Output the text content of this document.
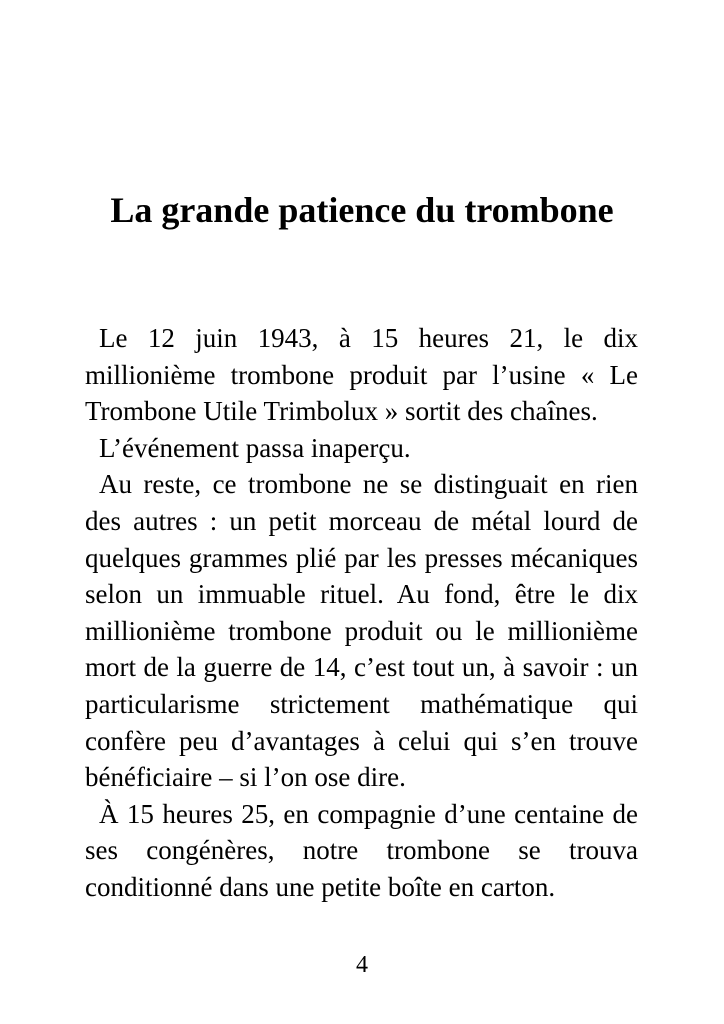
La grande patience du trombone

Le 12 juin 1943, à 15 heures 21, le dix millionième trombone produit par l’usine « Le Trombone Utile Trimbolux » sortit des chaînes.

L’événement passa inaperçu.

Au reste, ce trombone ne se distinguait en rien des autres : un petit morceau de métal lourd de quelques grammes plié par les presses mécaniques selon un immuable rituel. Au fond, être le dix millionième trombone produit ou le millionième mort de la guerre de 14, c’est tout un, à savoir : un particularisme strictement mathématique qui confère peu d’avantages à celui qui s’en trouve bénéficiaire – si l’on ose dire.

À 15 heures 25, en compagnie d’une centaine de ses congénères, notre trombone se trouva conditionné dans une petite boîte en carton.

4
